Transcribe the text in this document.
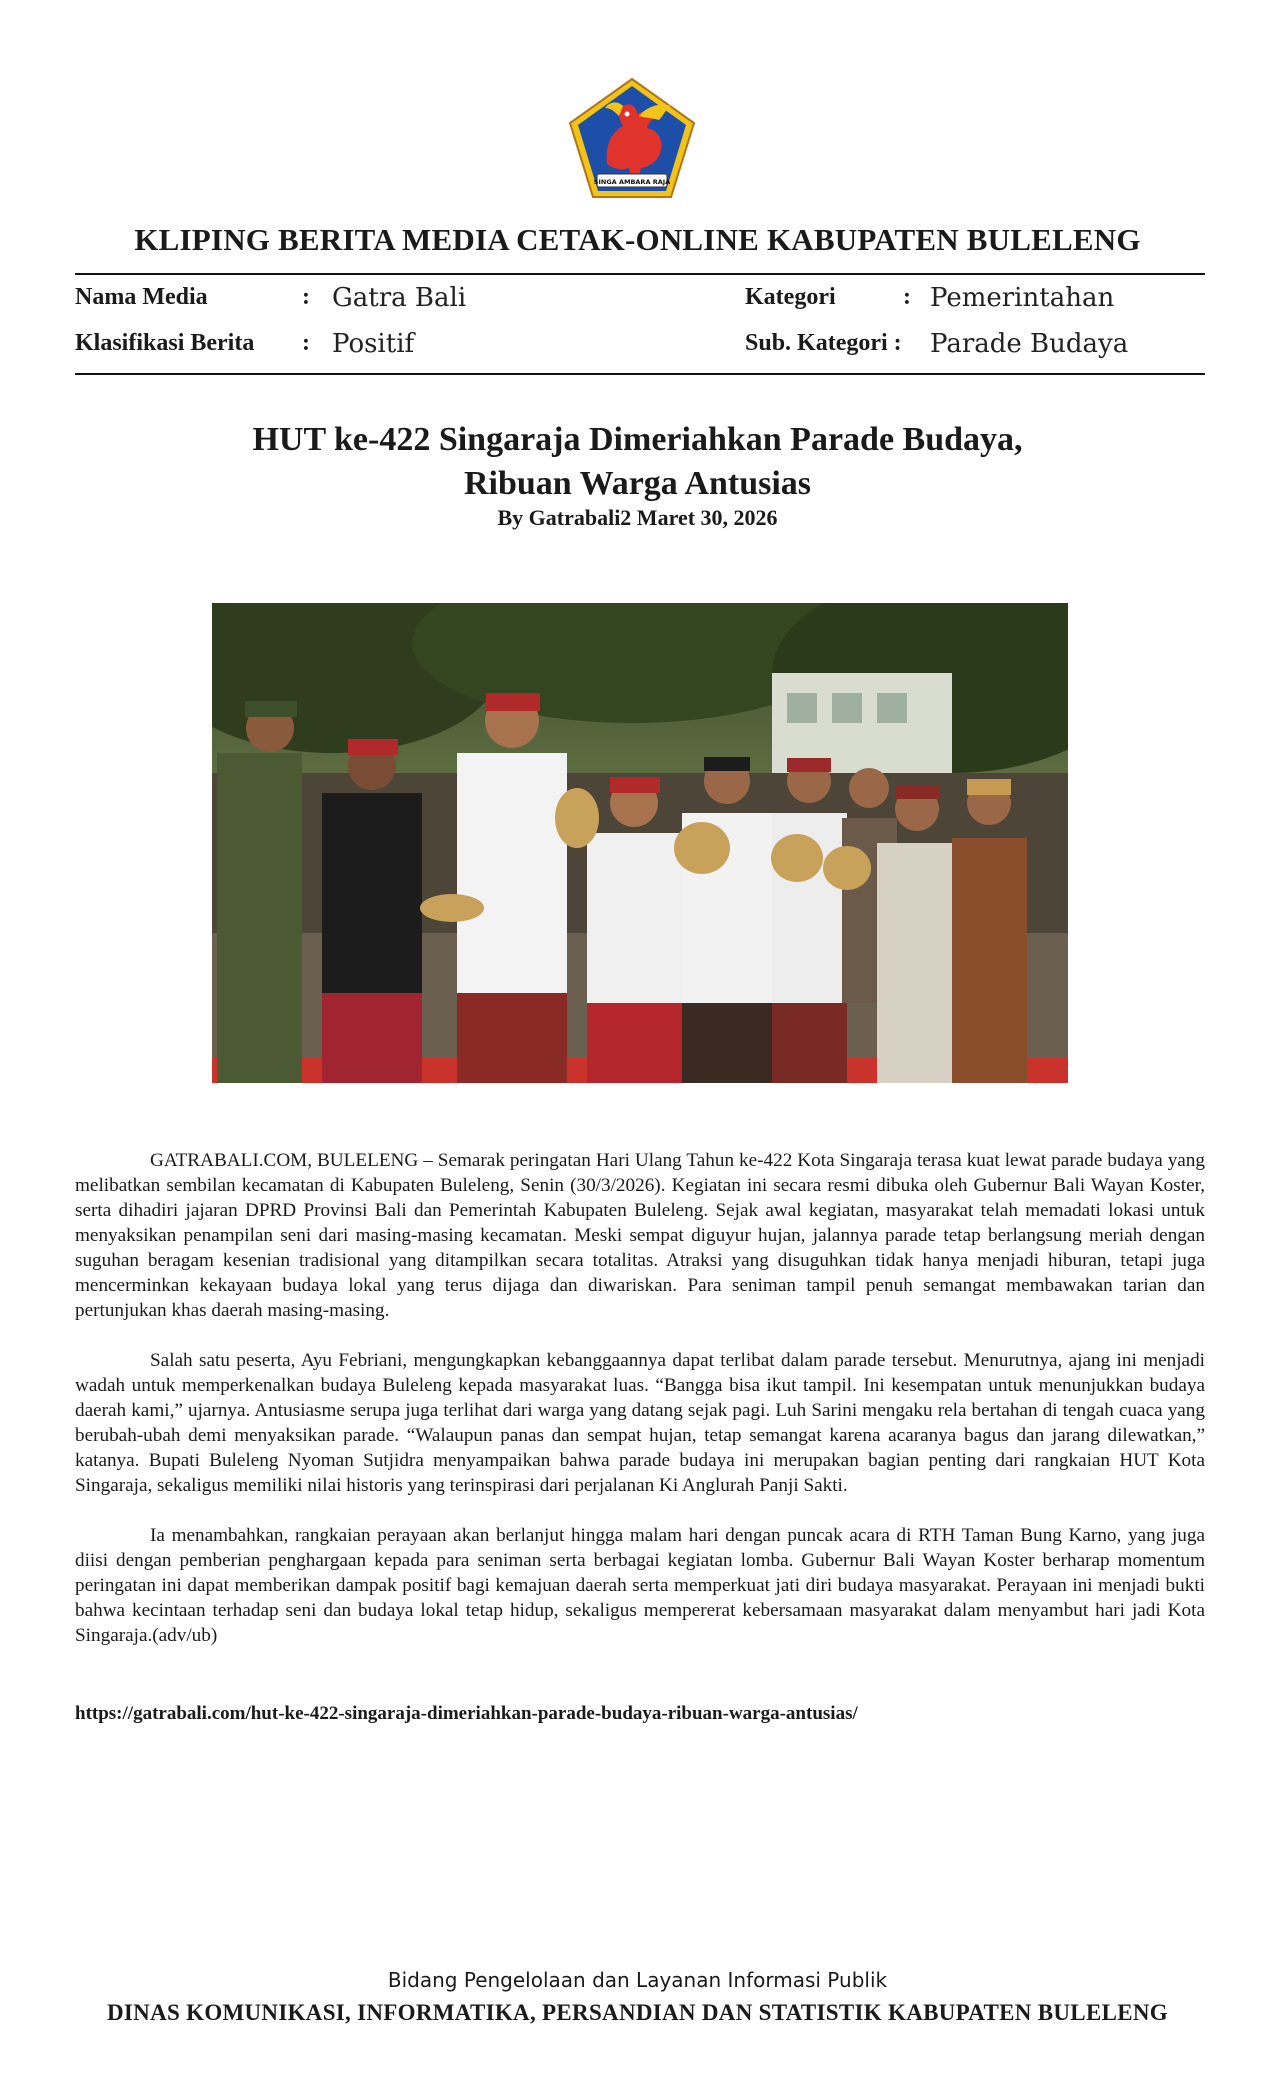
SINGA AMBARA RAJA
KLIPING BERITA MEDIA CETAK-ONLINE KABUPATEN BULELENG
Nama Media	: Gatra Bali	Kategori	: Pemerintahan
Klasifikasi Berita : Positif	Sub. Kategori : Parade Budaya
HUT ke-422 Singaraja Dimeriahkan Parade Budaya,
Ribuan Warga Antusias
By Gatrabali2 Maret 30, 2026

GATRABALI.COM, BULELENG – Semarak peringatan Hari Ulang Tahun ke-422 Kota Singaraja terasa kuat lewat parade budaya yang melibatkan sembilan kecamatan di Kabupaten Buleleng, Senin (30/3/2026). Kegiatan ini secara resmi dibuka oleh Gubernur Bali Wayan Koster, serta dihadiri jajaran DPRD Provinsi Bali dan Pemerintah Kabupaten Buleleng. Sejak awal kegiatan, masyarakat telah memadati lokasi untuk menyaksikan penampilan seni dari masing-masing kecamatan. Meski sempat diguyur hujan, jalannya parade tetap berlangsung meriah dengan suguhan beragam kesenian tradisional yang ditampilkan secara totalitas. Atraksi yang disuguhkan tidak hanya menjadi hiburan, tetapi juga mencerminkan kekayaan budaya lokal yang terus dijaga dan diwariskan. Para seniman tampil penuh semangat membawakan tarian dan pertunjukan khas daerah masing-masing.

Salah satu peserta, Ayu Febriani, mengungkapkan kebanggaannya dapat terlibat dalam parade tersebut. Menurutnya, ajang ini menjadi wadah untuk memperkenalkan budaya Buleleng kepada masyarakat luas. “Bangga bisa ikut tampil. Ini kesempatan untuk menunjukkan budaya daerah kami,” ujarnya. Antusiasme serupa juga terlihat dari warga yang datang sejak pagi. Luh Sarini mengaku rela bertahan di tengah cuaca yang berubah-ubah demi menyaksikan parade. “Walaupun panas dan sempat hujan, tetap semangat karena acaranya bagus dan jarang dilewatkan,” katanya. Bupati Buleleng Nyoman Sutjidra menyampaikan bahwa parade budaya ini merupakan bagian penting dari rangkaian HUT Kota Singaraja, sekaligus memiliki nilai historis yang terinspirasi dari perjalanan Ki Anglurah Panji Sakti.

Ia menambahkan, rangkaian perayaan akan berlanjut hingga malam hari dengan puncak acara di RTH Taman Bung Karno, yang juga diisi dengan pemberian penghargaan kepada para seniman serta berbagai kegiatan lomba. Gubernur Bali Wayan Koster berharap momentum peringatan ini dapat memberikan dampak positif bagi kemajuan daerah serta memperkuat jati diri budaya masyarakat. Perayaan ini menjadi bukti bahwa kecintaan terhadap seni dan budaya lokal tetap hidup, sekaligus mempererat kebersamaan masyarakat dalam menyambut hari jadi Kota Singaraja.(adv/ub)

https://gatrabali.com/hut-ke-422-singaraja-dimeriahkan-parade-budaya-ribuan-warga-antusias/
Bidang Pengelolaan dan Layanan Informasi Publik
DINAS KOMUNIKASI, INFORMATIKA, PERSANDIAN DAN STATISTIK KABUPATEN BULELENG
